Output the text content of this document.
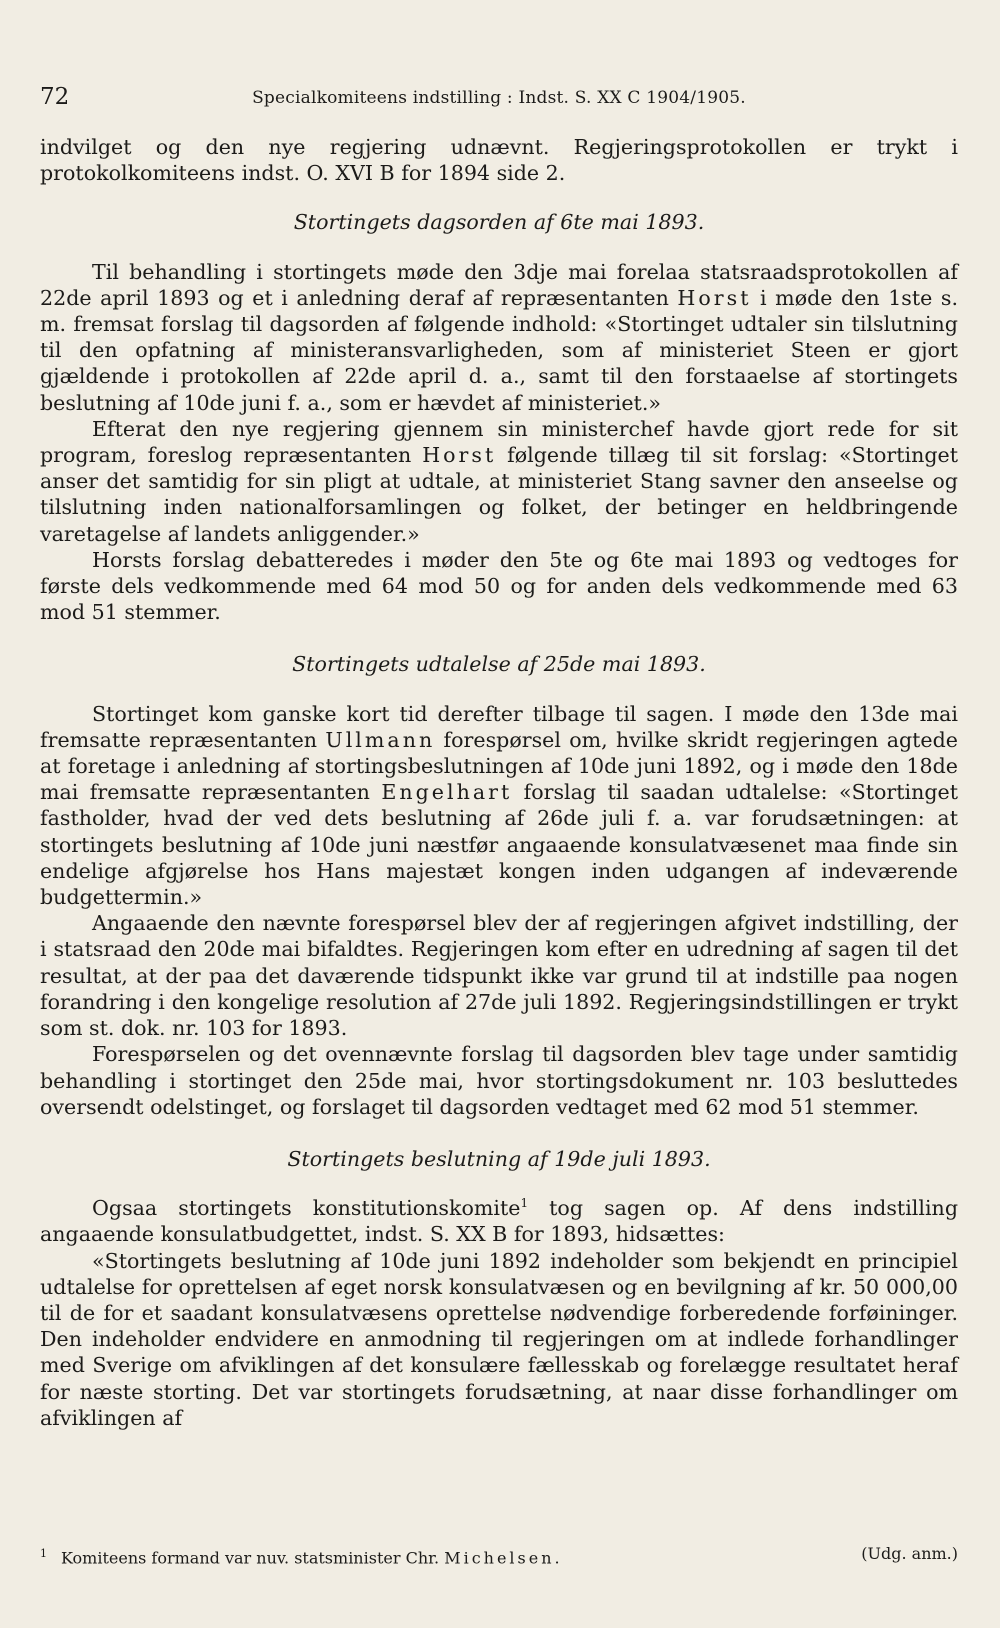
72	Specialkomiteens indstilling : Indst. S. XX C 1904/1905.

indvilget og den nye regjering udnævnt. Regjeringsprotokollen er trykt i protokolkomiteens indst. O. XVI B for 1894 side 2.

Stortingets dagsorden af 6te mai 1893.

Til behandling i stortingets møde den 3dje mai forelaa statsraadsprotokollen af 22de april 1893 og et i anledning deraf af repræsentanten Horst i møde den 1ste s. m. fremsat forslag til dagsorden af følgende indhold: «Stortinget udtaler sin tilslutning til den opfatning af ministeransvarligheden, som af ministeriet Steen er gjort gjældende i protokollen af 22de april d. a., samt til den forstaaelse af stortingets beslutning af 10de juni f. a., som er hævdet af ministeriet.»

Efterat den nye regjering gjennem sin ministerchef havde gjort rede for sit program, foreslog repræsentanten Horst følgende tillæg til sit forslag: «Stortinget anser det samtidig for sin pligt at udtale, at ministeriet Stang savner den anseelse og tilslutning inden nationalforsamlingen og folket, der betinger en heldbringende varetagelse af landets anliggender.»

Horsts forslag debatteredes i møder den 5te og 6te mai 1893 og vedtoges for første dels vedkommende med 64 mod 50 og for anden dels vedkommende med 63 mod 51 stemmer.

Stortingets udtalelse af 25de mai 1893.

Stortinget kom ganske kort tid derefter tilbage til sagen. I møde den 13de mai fremsatte repræsentanten Ullmann forespørsel om, hvilke skridt regjeringen agtede at foretage i anledning af stortingsbeslutningen af 10de juni 1892, og i møde den 18de mai fremsatte repræsentanten Engelhart forslag til saadan udtalelse: «Stortinget fastholder, hvad der ved dets beslutning af 26de juli f. a. var forudsætningen: at stortingets beslutning af 10de juni næstfør angaaende konsulatvæsenet maa finde sin endelige afgjørelse hos Hans majestæt kongen inden udgangen af indeværende budgettermin.»

Angaaende den nævnte forespørsel blev der af regjeringen afgivet indstilling, der i statsraad den 20de mai bifaldtes. Regjeringen kom efter en udredning af sagen til det resultat, at der paa det daværende tidspunkt ikke var grund til at indstille paa nogen forandring i den kongelige resolution af 27de juli 1892. Regjeringsindstillingen er trykt som st. dok. nr. 103 for 1893.

Forespørselen og det ovennævnte forslag til dagsorden blev tage under samtidig behandling i stortinget den 25de mai, hvor stortingsdokument nr. 103 besluttedes oversendt odelstinget, og forslaget til dagsorden vedtaget med 62 mod 51 stemmer.

Stortingets beslutning af 19de juli 1893.

Ogsaa stortingets konstitutionskomite$^1$ tog sagen op. Af dens indstilling angaaende konsulatbudgettet, indst. S. XX B for 1893, hidsættes:

«Stortingets beslutning af 10de juni 1892 indeholder som bekjendt en principiel udtalelse for oprettelsen af eget norsk konsulatvæsen og en bevilgning af kr. 50 000,00 til de for et saadant konsulatvæsens oprettelse nødvendige forberedende forføininger. Den indeholder endvidere en anmodning til regjeringen om at indlede forhandlinger med Sverige om afviklingen af det konsulære fællesskab og forelægge resultatet heraf for næste storting. Det var stortingets forudsætning, at naar disse forhandlinger om afviklingen af

$^1$ Komiteens formand var nuv. statsminister Chr. Michelsen.	(Udg. anm.)
